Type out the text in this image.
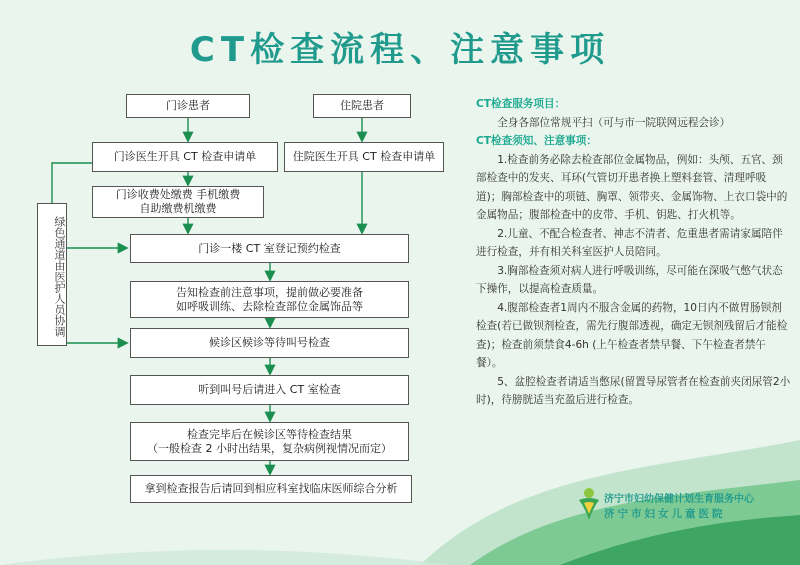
CT检查流程、注意事项
门诊患者	住院患者
门诊医生开具 CT 检查申请单	住院医生开具 CT 检查申请单
门诊收费处缴费 手机缴费
自助缴费机缴费
门诊一楼 CT 室登记预约检查
告知检查前注意事项，提前做必要准备
如呼吸训练、去除检查部位金属饰品等
候诊区候诊等待叫号检查
听到叫号后请进入 CT 室检查
检查完毕后在候诊区等待检查结果
（一般检查 2 小时出结果，复杂病例视情况而定）
拿到检查报告后请回到相应科室找临床医师综合分析
绿色通道由医护人员协调

CT检查服务项目：

全身各部位常规平扫（可与市一院联网远程会诊）

CT检查须知、注意事项：

1.检查前务必除去检查部位金属物品，例如：头颅、五官、颈部检查中的发夹、耳环(气管切开患者换上塑料套管、清理呼吸道)；胸部检查中的项链、胸罩、领带夹、金属饰物、上衣口袋中的金属物品；腹部检查中的皮带、手机、钥匙、打火机等。

2.儿童、不配合检查者、神志不清者、危重患者需请家属陪伴进行检查，并有相关科室医护人员陪同。

3.胸部检查须对病人进行呼吸训练，尽可能在深吸气憋气状态下操作，以提高检查质量。

4.腹部检查者1周内不服含金属的药物，10日内不做胃肠钡剂检查(若已做钡剂检查，需先行腹部透视，确定无钡剂残留后才能检查)；检查前须禁食4-6h (上午检查者禁早餐、下午检查者禁午餐）。

5、盆腔检查者请适当憋尿(留置导尿管者在检查前夹闭尿管2小时)，待膀胱适当充盈后进行检查。

济宁市妇幼保健计划生育服务中心
济宁市妇女儿童医院
